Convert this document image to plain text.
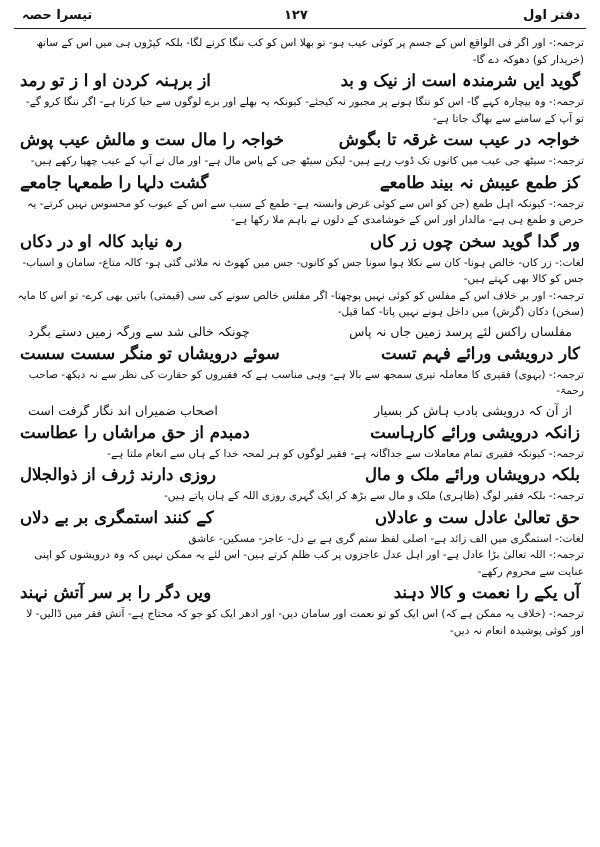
تیسرا حصہ	۱۲۷	دفتر اول
ترجمہ:- اور اگر فی الواقع اس کے جسم پر کوئی عیب ہو- تو بھلا اس کو کب ننگا کرنے لگا- بلکہ کپڑوں ہی میں اس کے ساتھ (خریدار کو) دھوکہ دے گا-
گوید ایں شرمندہ است از نیک و بد
از برہنہ کردن او ا ز تو رمد
ترجمہ:- وہ بیچارہ کہے گا- اس کو ننگا ہونے پر مجبور نہ کیجئے- کیونکہ یہ بھلے اور برے لوگوں سے حیا کرتا ہے- اگر ننگا کرو گے- تو آپ کے سامنے سے بھاگ جاتا ہے-
خواجہ در عیب ست غرقہ تا بگوش
خواجہ را مال ست و مالش عیب پوش
ترجمہ:- سیٹھ جی عیب میں کانوں تک ڈوب رہے ہیں- لیکن سیٹھ جی کے پاس مال ہے- اور مال نے آپ کے عیب چھپا رکھے ہیں-
کز طمع عیبش نہ بیند طامعے
گشت دلہا را طمعہا جامعے
ترجمہ:- کیونکہ اہل طمع (جن کو اس سے کوئی غرض وابستہ ہے- طمع کے سبب سے اس کے عیوب کو محسوس نہیں کرتے- یہ حرص و طمع ہی ہے- مالدار اور اس کے خوشامدی کے دلوں نے باہم ملا رکھا ہے-
ور گدا گوید سخن چوں زر کاں
رہ نیابد کالہ او در دکاں
لغات:- زر کاں- خالص ہونا- کان سے نکلا ہوا سونا جس کو کانوں- جس میں کھوٹ نہ ملائی گئی ہو- کالہ متاع- سامان و اسباب- جس کو کالا بھی کہتے ہیں-
ترجمہ:- اور بر خلاف اس کے مفلس کو کوئی نہیں پوچھتا- اگر مفلس خالص سونے کی سی (قیمتی) باتیں بھی کرے- تو اس کا مایہ (سخن) دکان (گرش) میں داخل ہونے نہیں پاتا- کما قیل-
مفلساں راکس لئے پرسد زمین جاں نہ پاس
چونکہ خالی شد سے ورگہ زمیں دستے بگرد
کار درویشی ورائے فہم تست
سوئے درویشاں تو منگر سست سست
ترجمہ:- (بہوی) فقیری کا معاملہ تیری سمجھ سے بالا ہے- وہی مناسب ہے کہ فقیروں کو حقارت کی نظر سے نہ دیکھ- صاحب رحمۃ-
از آن کہ درویشی بادب ہاش کر بسیار
اصحاب ضمیراں اند نگار گرفت است
زانکہ درویشی ورائے کارہاست
دمبدم از حق مراشاں را عطاست
ترجمہ:- کیونکہ فقیری تمام معاملات سے جداگانہ ہے- فقیر لوگوں کو ہر لمحہ خدا کے ہاں سے انعام ملتا ہے-
بلکہ درویشاں ورائے ملک و مال
روزی دارند ژرف از ذوالجلال
ترجمہ:- بلکہ فقیر لوگ (ظاہری) ملک و مال سے بڑھ کر ایک گہری روزی اللہ کے ہاں پاتے ہیں-
حق تعالیٰ عادل ست و عادلاں
کے کنند استمگری بر بے دلاں
لغات:- استمگری میں الف زائد ہے- اصلی لفظ ستم گری ہے بے دل- عاجز- مسکین- عاشق
ترجمہ:- اللہ تعالیٰ بڑا عادل ہے- اور اہل عدل عاجزوں پر کب ظلم کرتے ہیں- اس لئے یہ ممکن نہیں کہ وہ درویشوں کو اپنی عنایت سے محروم رکھے-
آں یکے را نعمت و کالا دہند
ویں دگر را بر سر آتش نہند
ترجمہ:- (خلاف یہ ممکن ہے کہ) اس ایک کو تو نعمت اور سامان دیں- اور ادھر ایک کو جو کہ محتاج ہے- آتش فقر میں ڈالیں- لا اور کوئی پوشیدہ انعام نہ دیں-
